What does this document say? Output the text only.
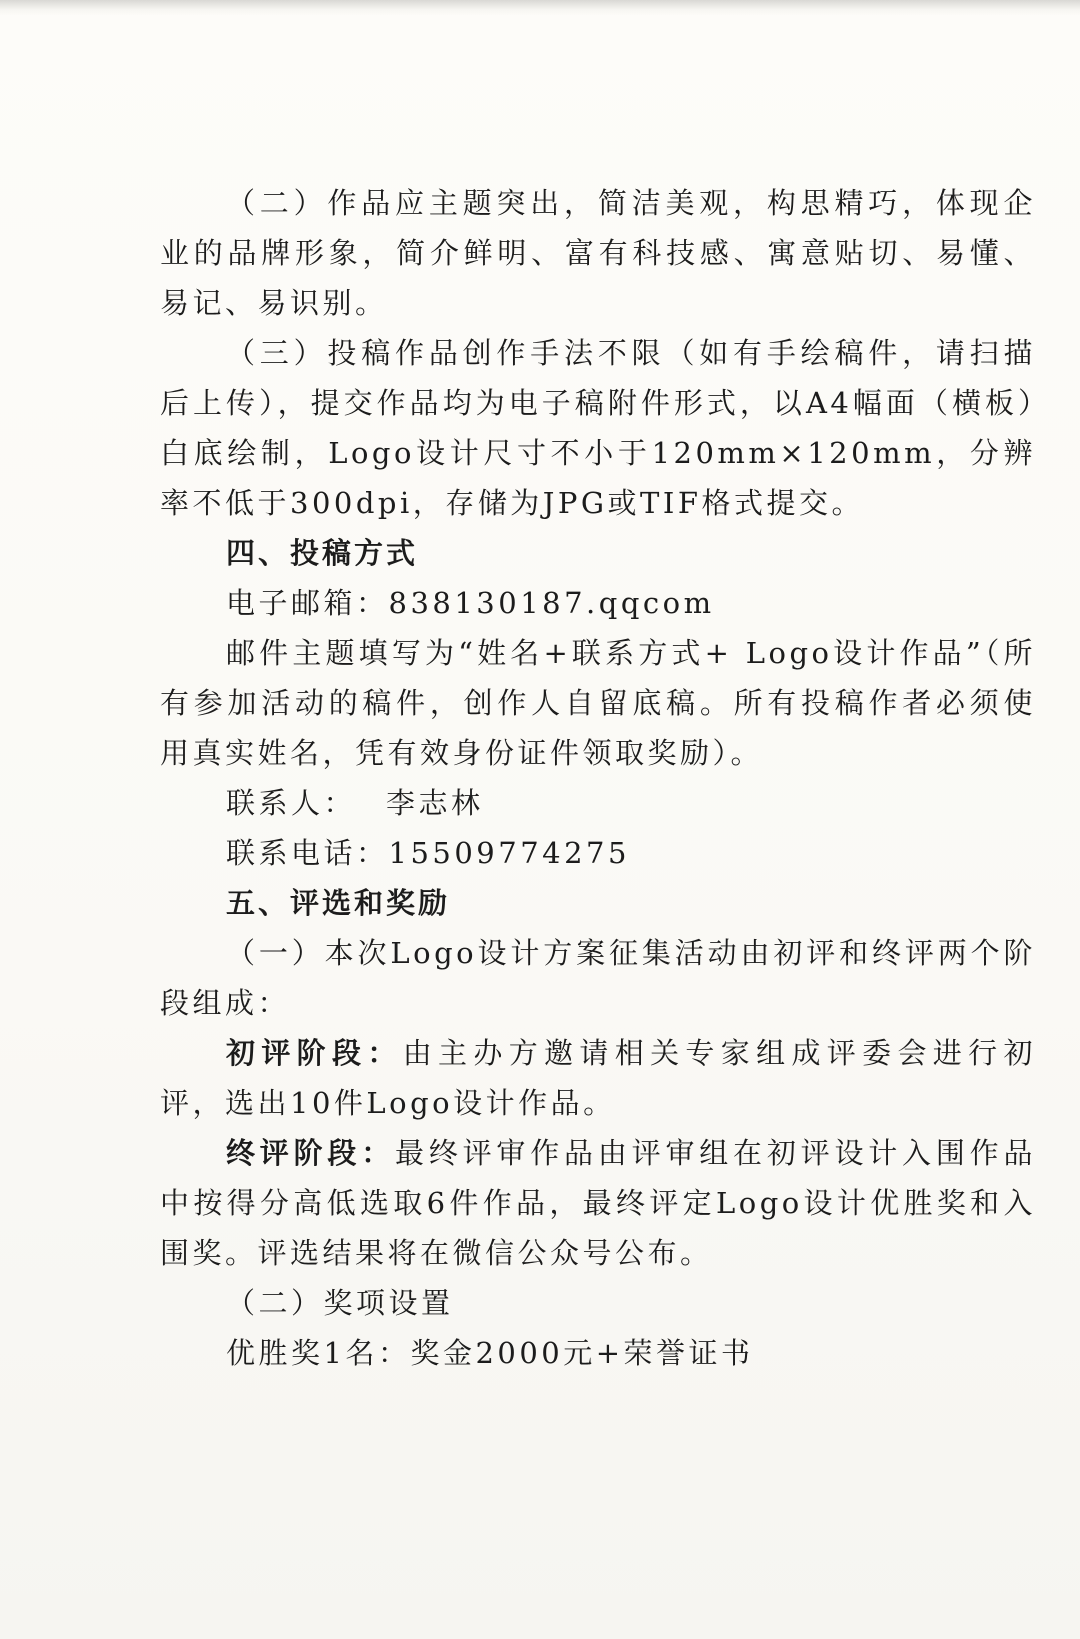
（二）作品应主题突出，简洁美观，构思精巧，体现企业的品牌形象，简介鲜明、富有科技感、寓意贴切、易懂、易记、易识别。

（三）投稿作品创作手法不限（如有手绘稿件，请扫描后上传），提交作品均为电子稿附件形式，以A4幅面（横板）白底绘制，Logo设计尺寸不小于120mm×120mm，分辨率不低于300dpi，存储为JPG或TIF格式提交。

四、投稿方式

电子邮箱：838130187.qqcom

邮件主题填写为“姓名+联系方式+ Logo设计作品”（所有参加活动的稿件，创作人自留底稿。所有投稿作者必须使用真实姓名，凭有效身份证件领取奖励）。

联系人： 李志林

联系电话：15509774275

五、评选和奖励

（一）本次Logo设计方案征集活动由初评和终评两个阶段组成：

初评阶段：由主办方邀请相关专家组成评委会进行初评，选出10件Logo设计作品。

终评阶段：最终评审作品由评审组在初评设计入围作品中按得分高低选取6件作品，最终评定Logo设计优胜奖和入围奖。评选结果将在微信公众号公布。

（二）奖项设置

优胜奖1名：奖金2000元+荣誉证书
